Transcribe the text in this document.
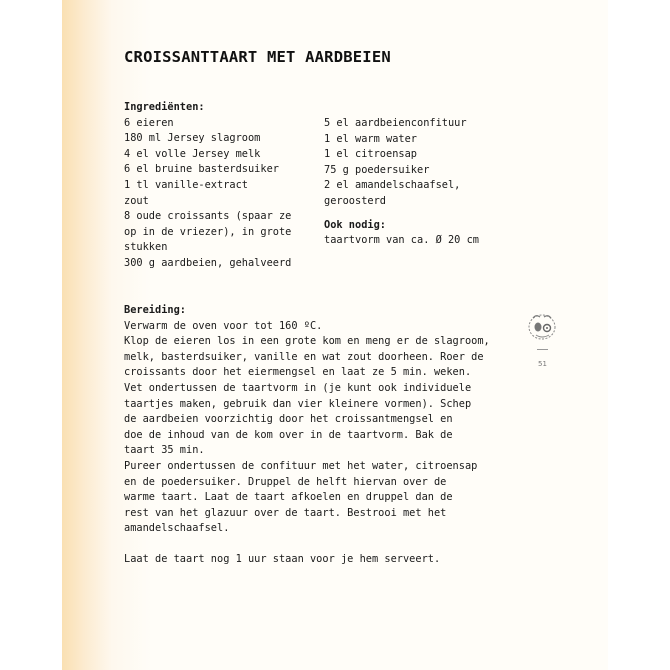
CROISSANTTAART MET AARDBEIEN
Ingrediënten:
6 eieren
180 ml Jersey slagroom
4 el volle Jersey melk
6 el bruine basterdsuiker
1 tl vanille-extract
zout
8 oude croissants (spaar ze
op in de vriezer), in grote
stukken
300 g aardbeien, gehalveerd
5 el aardbeienconfituur
1 el warm water
1 el citroensap
75 g poedersuiker
2 el amandelschaafsel,
geroosterd
Ook nodig:
taartvorm van ca. Ø 20 cm
Bereiding:
Verwarm de oven voor tot 160 ºC.
Klop de eieren los in een grote kom en meng er de slagroom,
melk, basterdsuiker, vanille en wat zout doorheen. Roer de
croissants door het eiermengsel en laat ze 5 min. weken.
Vet ondertussen de taartvorm in (je kunt ook individuele
taartjes maken, gebruik dan vier kleinere vormen). Schep
de aardbeien voorzichtig door het croissantmengsel en
doe de inhoud van de kom over in de taartvorm. Bak de
taart 35 min.
Pureer ondertussen de confituur met het water, citroensap
en de poedersuiker. Druppel de helft hiervan over de
warme taart. Laat de taart afkoelen en druppel dan de
rest van het glazuur over de taart. Bestrooi met het
amandelschaafsel.
Laat de taart nog 1 uur staan voor je hem serveert.
51
